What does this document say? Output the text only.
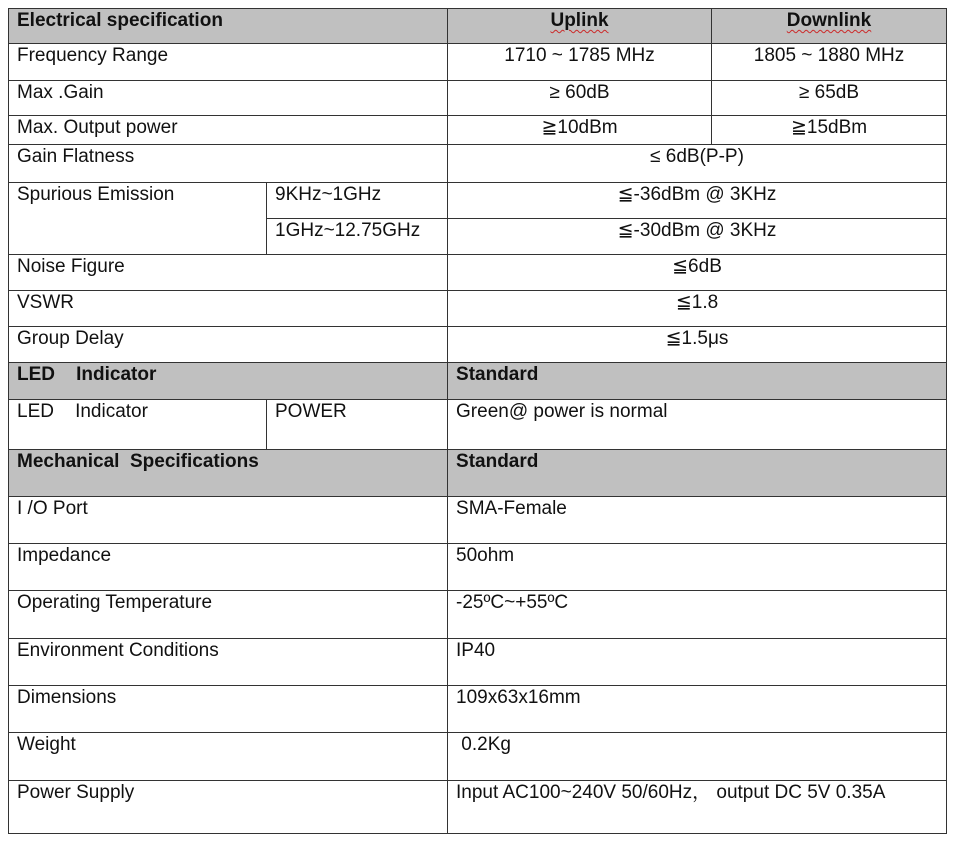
Electrical specification		Uplink	Downlink
Frequency Range		1710 ~ 1785 MHz	1805 ~ 1880 MHz
Max .Gain		≥ 60dB	≥ 65dB
Max. Output power		≧10dBm	≧15dBm
Gain Flatness		≤ 6dB(P-P)	
Spurious Emission	9KHz~1GHz	≦-36dBm @ 3KHz	
	1GHz~12.75GHz	≦-30dBm @ 3KHz	
Noise Figure		≦6dB	
VSWR		≦1.8	
Group Delay		≦1.5μs	
LED    Indicator		Standard	
LED    Indicator	POWER	Green@ power is normal	
Mechanical  Specifications		Standard	
I /O Port		SMA-Female	
Impedance		50ohm	
Operating Temperature		-25ºC~+55ºC	
Environment Conditions		IP40	
Dimensions		109x63x16mm	
Weight		0.2Kg	
Power Supply		Input AC100~240V 50/60Hz， output DC 5V 0.35A	
